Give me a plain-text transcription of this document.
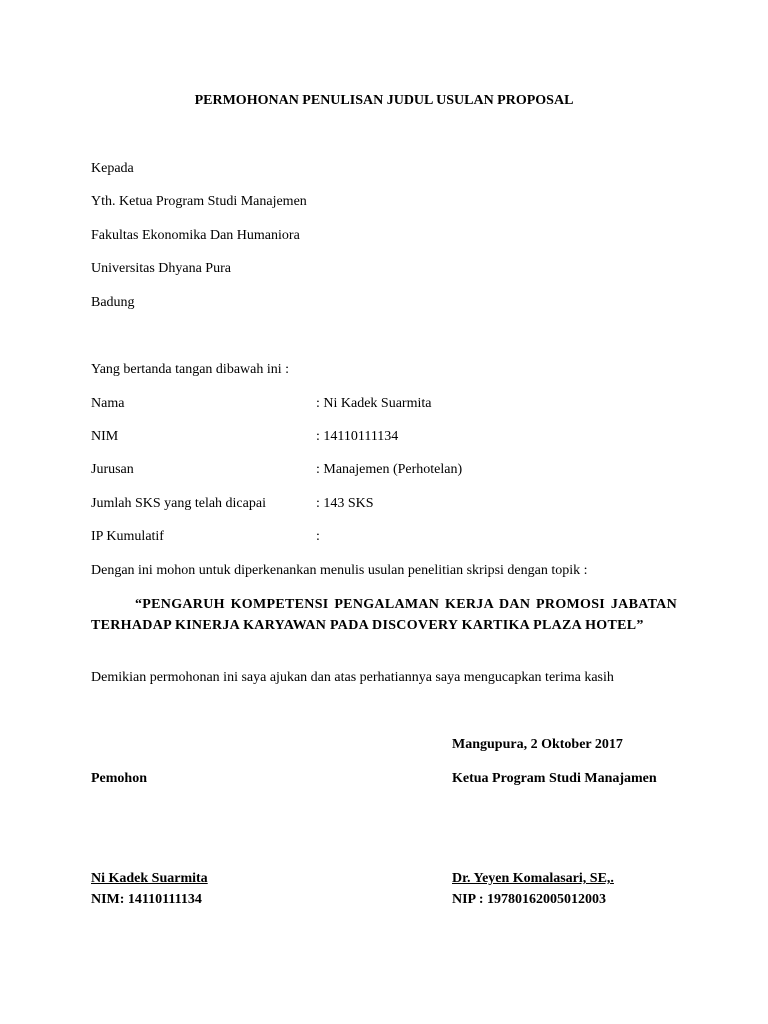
PERMOHONAN PENULISAN JUDUL USULAN PROPOSAL
Kepada
Yth. Ketua Program Studi Manajemen
Fakultas Ekonomika Dan Humaniora
Universitas Dhyana Pura
Badung
Yang bertanda tangan dibawah ini :
Nama	: Ni Kadek Suarmita
NIM	: 14110111134
Jurusan	: Manajemen (Perhotelan)
Jumlah SKS yang telah dicapai	: 143 SKS
IP Kumulatif	:
Dengan ini mohon untuk diperkenankan menulis usulan penelitian skripsi dengan topik :
“PENGARUH KOMPETENSI PENGALAMAN KERJA DAN PROMOSI JABATAN TERHADAP KINERJA KARYAWAN PADA DISCOVERY KARTIKA PLAZA HOTEL”
Demikian permohonan ini saya ajukan dan atas perhatiannya saya mengucapkan terima kasih
Mangupura, 2 Oktober 2017
Pemohon	Ketua Program Studi Manajamen
Ni Kadek Suarmita	Dr. Yeyen Komalasari, SE,.
NIM: 14110111134	NIP : 19780162005012003
